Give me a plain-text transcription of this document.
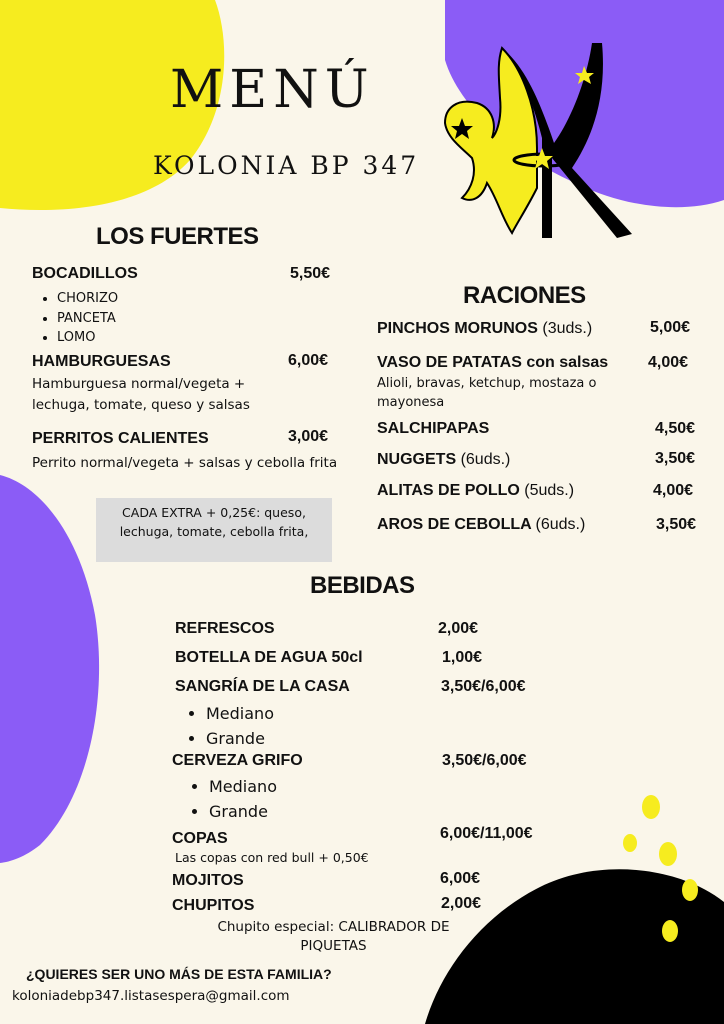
MENÚ
KOLONIA BP 347
LOS FUERTES
BOCADILLOS	5,50€
• CHORIZO
• PANCETA
• LOMO
HAMBURGUESAS	6,00€
Hamburguesa normal/vegeta + lechuga, tomate, queso y salsas
PERRITOS CALIENTES	3,00€
Perrito normal/vegeta + salsas y cebolla frita
CADA EXTRA + 0,25€: queso, lechuga, tomate, cebolla frita,
RACIONES
PINCHOS MORUNOS (3uds.)	5,00€
VASO DE PATATAS con salsas 4,00€
Alioli, bravas, ketchup, mostaza o mayonesa
SALCHIPAPAS	4,50€
NUGGETS (6uds.)	3,50€
ALITAS DE POLLO (5uds.)	4,00€
AROS DE CEBOLLA (6uds.)	3,50€
BEBIDAS
REFRESCOS	2,00€
BOTELLA DE AGUA 50cl	1,00€
SANGRÍA DE LA CASA	3,50€/6,00€
• Mediano
• Grande
CERVEZA GRIFO	3,50€/6,00€
• Mediano
• Grande
COPAS	6,00€/11,00€
Las copas con red bull + 0,50€
MOJITOS	6,00€
CHUPITOS	2,00€
Chupito especial: CALIBRADOR DE PIQUETAS
¿QUIERES SER UNO MÁS DE ESTA FAMILIA?
koloniadebp347.listasespera@gmail.com
